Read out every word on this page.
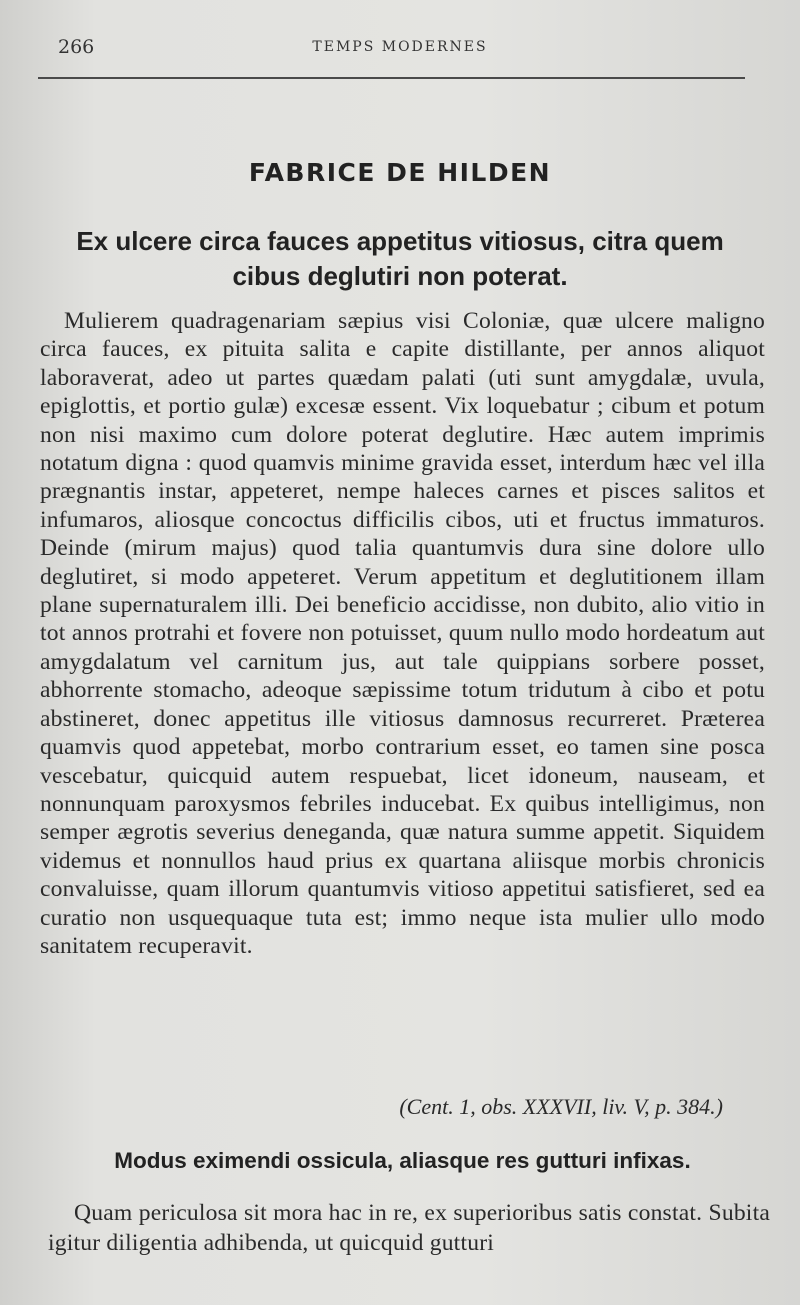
266	TEMPS MODERNES
FABRICE DE HILDEN
Ex ulcere circa fauces appetitus vitiosus, citra quem cibus deglutiri non poterat.
Mulierem quadragenariam sæpius visi Coloniæ, quæ ulcere maligno circa fauces, ex pituita salita e capite distillante, per annos aliquot laboraverat, adeo ut partes quædam palati (uti sunt amygdalæ, uvula, epiglottis, et portio gulæ) excesæ essent. Vix loquebatur ; cibum et potum non nisi maximo cum dolore poterat deglutire. Hæc autem imprimis notatum digna : quod quamvis minime gravida esset, interdum hæc vel illa prægnantis instar, appeteret, nempe haleces carnes et pisces salitos et infumaros, aliosque concoctus difficilis cibos, uti et fructus immaturos. Deinde (mirum majus) quod talia quantumvis dura sine dolore ullo deglutiret, si modo appeteret. Verum appetitum et deglutitionem illam plane supernaturalem illi. Dei beneficio accidisse, non dubito, alio vitio in tot annos protrahi et fovere non potuisset, quum nullo modo hordeatum aut amygdalatum vel carnitum jus, aut tale quippians sorbere posset, abhorrente stomacho, adeoque sæpissime totum tridutum à cibo et potu abstineret, donec appetitus ille vitiosus damnosus recurreret. Præterea quamvis quod appetebat, morbo contrarium esset, eo tamen sine posca vescebatur, quicquid autem respuebat, licet idoneum, nauseam, et nonnunquam paroxysmos febriles inducebat. Ex quibus intelligimus, non semper ægrotis severius denegandа, quæ natura summe appetit. Siquidem videmus et nonnullos haud prius ex quartana aliisque morbis chronicis convaluisse, quam illorum quantumvis vitioso appetitui satisfieret, sed ea curatio non usquequaque tuta est; immo neque ista mulier ullo modo sanitatem recuperavit.
(Cent. 1, obs. XXXVII, liv. V, p. 384.)
Modus eximendi ossicula, aliasque res gutturi infixas.
Quam periculosa sit mora hac in re, ex superioribus satis constat. Subita igitur diligentia adhibenda, ut quicquid gutturi
